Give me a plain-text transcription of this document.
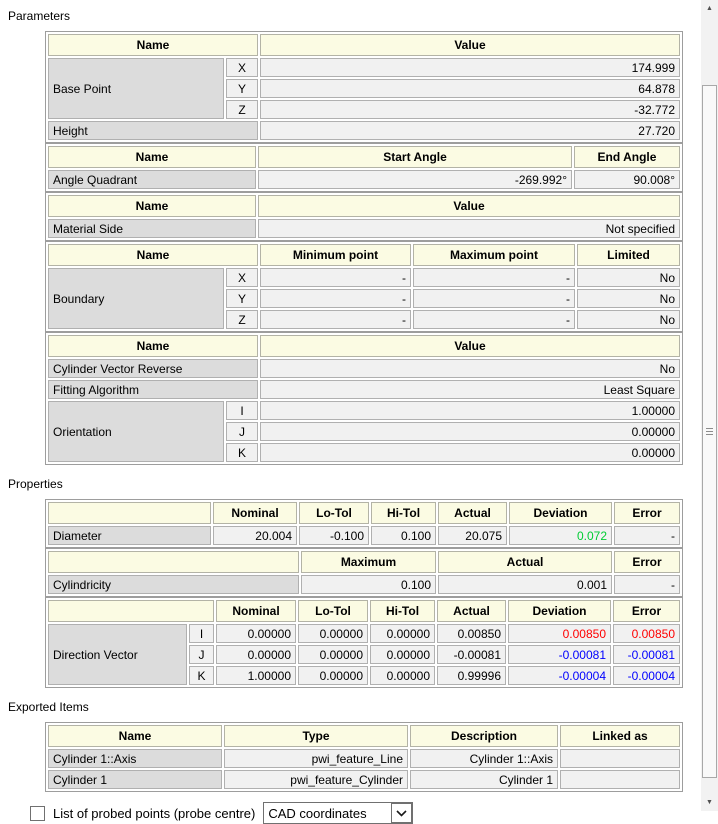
Parameters
Name		Value
Base Point	X	174.999
	Y	64.878
	Z	-32.772
Height		27.720
Name	Start Angle	End Angle
Angle Quadrant	-269.992°	90.008°
Name	Value
Material Side	Not specified
Name		Minimum point	Maximum point	Limited
Boundary	X	-	-	No
	Y	-	-	No
	Z	-	-	No
Name		Value
Cylinder Vector Reverse		No
Fitting Algorithm		Least Square
Orientation	I	1.00000
	J	0.00000
	K	0.00000
Properties
	Nominal	Lo-Tol	Hi-Tol	Actual	Deviation	Error
Diameter	20.004	-0.100	0.100	20.075	0.072	-
	Maximum	Actual	Error
Cylindricity	0.100	0.001	-
		Nominal	Lo-Tol	Hi-Tol	Actual	Deviation	Error
Direction Vector	I	0.00000	0.00000	0.00000	0.00850	0.00850	0.00850
	J	0.00000	0.00000	0.00000	-0.00081	-0.00081	-0.00081
	K	1.00000	0.00000	0.00000	0.99996	-0.00004	-0.00004
Exported Items
Name	Type	Description	Linked as
Cylinder 1::Axis	pwi_feature_Line	Cylinder 1::Axis	
Cylinder 1	pwi_feature_Cylinder	Cylinder 1	
List of probed points (probe centre)	CAD coordinates
▲
▼
